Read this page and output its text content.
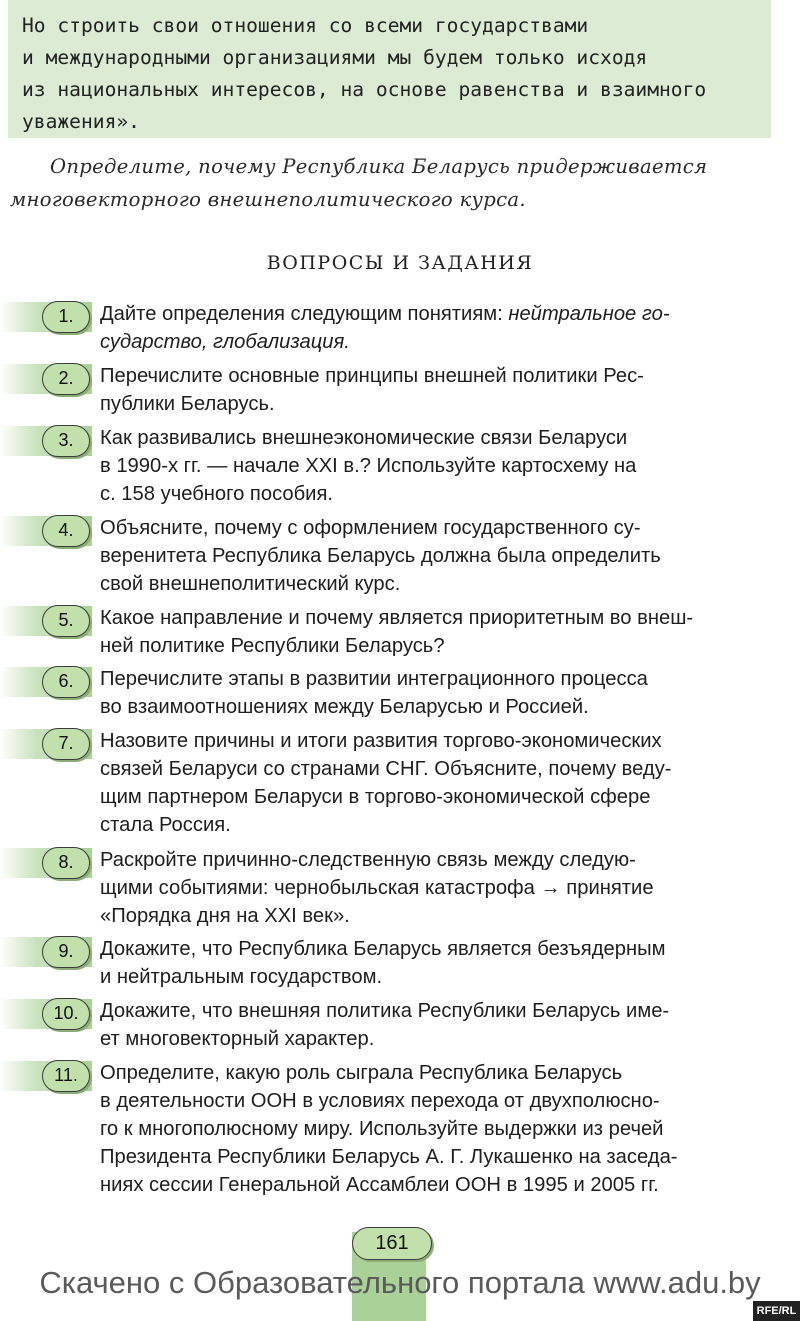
Но строить свои отношения со всеми государствами
и международными организациями мы будем только исходя
из национальных интересов, на основе равенства и взаимного
уважения».
Определите, почему Республика Беларусь придерживается
многовекторного внешнеполитического курса.
ВОПРОСЫ И ЗАДАНИЯ
1.	Дайте определения следующим понятиям: нейтральное го-
сударство, глобализация.
2.	Перечислите основные принципы внешней политики Рес-
публики Беларусь.
3.	Как развивались внешнеэкономические связи Беларуси
в 1990-х гг. — начале XXI в.? Используйте картосхему на
с. 158 учебного пособия.
4.	Объясните, почему с оформлением государственного су-
веренитета Республика Беларусь должна была определить
свой внешнеполитический курс.
5.	Какое направление и почему является приоритетным во внеш-
ней политике Республики Беларусь?
6.	Перечислите этапы в развитии интеграционного процесса
во взаимоотношениях между Беларусью и Россией.
7.	Назовите причины и итоги развития торгово-экономических
связей Беларуси со странами СНГ. Объясните, почему веду-
щим партнером Беларуси в торгово-экономической сфере
стала Россия.
8.	Раскройте причинно-следственную связь между следую-
щими событиями: чернобыльская катастрофа → принятие
«Порядка дня на XXI век».
9.	Докажите, что Республика Беларусь является безъядерным
и нейтральным государством.
10.	Докажите, что внешняя политика Республики Беларусь име-
ет многовекторный характер.
11.	Определите, какую роль сыграла Республика Беларусь
в деятельности ООН в условиях перехода от двухполюсно-
го к многополюсному миру. Используйте выдержки из речей
Президента Республики Беларусь А. Г. Лукашенко на заседа-
ниях сессии Генеральной Ассамблеи ООН в 1995 и 2005 гг.
161
Скачено с Образовательного портала www.adu.by
RFE/RL
